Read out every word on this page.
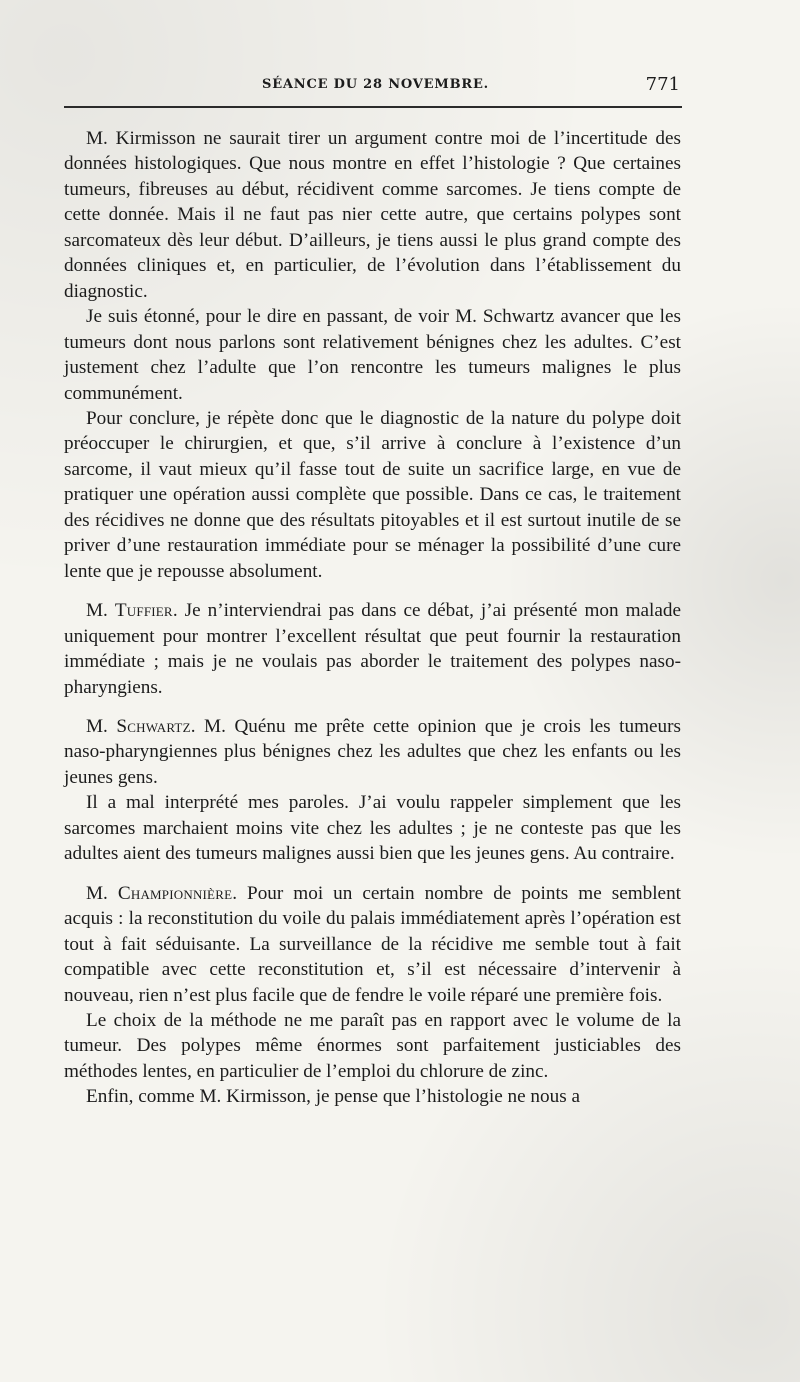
SÉANCE DU 28 NOVEMBRE.	771

M. Kirmisson ne saurait tirer un argument contre moi de l’incertitude des données histologiques. Que nous montre en effet l’histologie ? Que certaines tumeurs, fibreuses au début, récidivent comme sarcomes. Je tiens compte de cette donnée. Mais il ne faut pas nier cette autre, que certains polypes sont sarcomateux dès leur début. D’ailleurs, je tiens aussi le plus grand compte des données cliniques et, en particulier, de l’évolution dans l’établissement du diagnostic.

Je suis étonné, pour le dire en passant, de voir M. Schwartz avancer que les tumeurs dont nous parlons sont relativement bénignes chez les adultes. C’est justement chez l’adulte que l’on rencontre les tumeurs malignes le plus communément.

Pour conclure, je répète donc que le diagnostic de la nature du polype doit préoccuper le chirurgien, et que, s’il arrive à conclure à l’existence d’un sarcome, il vaut mieux qu’il fasse tout de suite un sacrifice large, en vue de pratiquer une opération aussi complète que possible. Dans ce cas, le traitement des récidives ne donne que des résultats pitoyables et il est surtout inutile de se priver d’une restauration immédiate pour se ménager la possibilité d’une cure lente que je repousse absolument.

M. Tuffier. Je n’interviendrai pas dans ce débat, j’ai présenté mon malade uniquement pour montrer l’excellent résultat que peut fournir la restauration immédiate ; mais je ne voulais pas aborder le traitement des polypes naso-pharyngiens.

M. Schwartz. M. Quénu me prête cette opinion que je crois les tumeurs naso-pharyngiennes plus bénignes chez les adultes que chez les enfants ou les jeunes gens.

Il a mal interprété mes paroles. J’ai voulu rappeler simplement que les sarcomes marchaient moins vite chez les adultes ; je ne conteste pas que les adultes aient des tumeurs malignes aussi bien que les jeunes gens. Au contraire.

M. Championnière. Pour moi un certain nombre de points me semblent acquis : la reconstitution du voile du palais immédiatement après l’opération est tout à fait séduisante. La surveillance de la récidive me semble tout à fait compatible avec cette reconstitution et, s’il est nécessaire d’intervenir à nouveau, rien n’est plus facile que de fendre le voile réparé une première fois.

Le choix de la méthode ne me paraît pas en rapport avec le volume de la tumeur. Des polypes même énormes sont parfaitement justiciables des méthodes lentes, en particulier de l’emploi du chlorure de zinc.

Enfin, comme M. Kirmisson, je pense que l’histologie ne nous a
